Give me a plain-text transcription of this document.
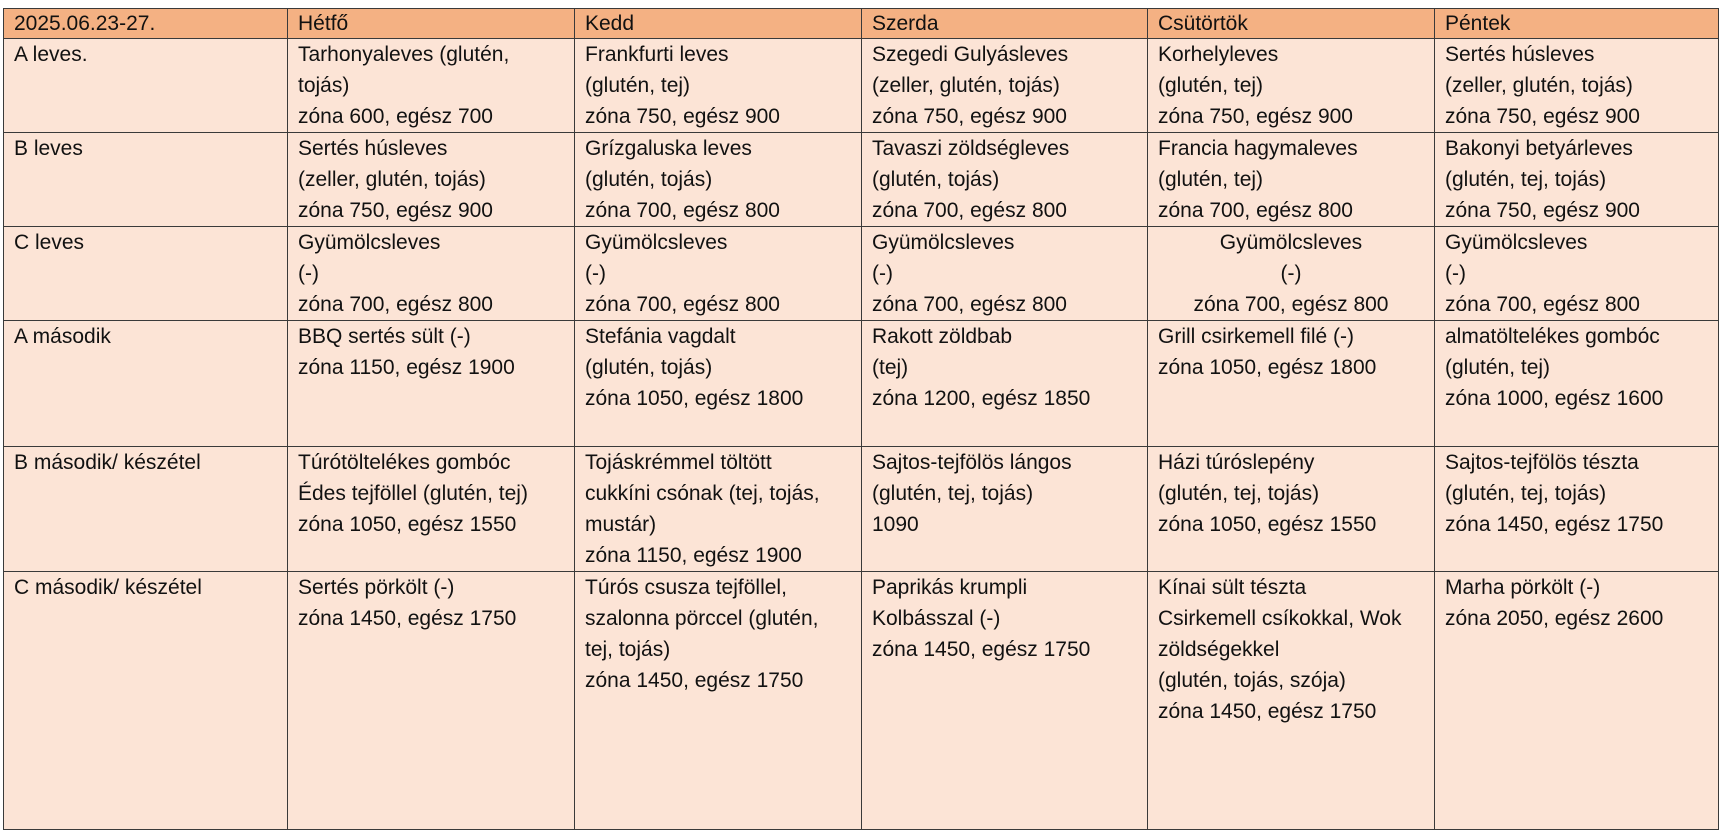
2025.06.23-27.	Hétfő	Kedd	Szerda	Csütörtök	Péntek
A leves.	Tarhonyaleves (glutén,
tojás)
zóna 600, egész 700	Frankfurti leves
(glutén, tej)
zóna 750, egész 900	Szegedi Gulyásleves
(zeller, glutén, tojás)
zóna 750, egész 900	Korhelyleves
(glutén, tej)
zóna 750, egész 900	Sertés húsleves
(zeller, glutén, tojás)
zóna 750, egész 900

B leves	Sertés húsleves
(zeller, glutén, tojás)
zóna 750, egész 900	Grízgaluska leves
(glutén, tojás)
zóna 700, egész 800	Tavaszi zöldségleves
(glutén, tojás)
zóna 700, egész 800	Francia hagymaleves
(glutén, tej)
zóna 700, egész 800	Bakonyi betyárleves
(glutén, tej, tojás)
zóna 750, egész 900

C leves	Gyümölcsleves
(-)
zóna 700, egész 800	Gyümölcsleves
(-)
zóna 700, egész 800	Gyümölcsleves
(-)
zóna 700, egész 800	Gyümölcsleves
(-)
zóna 700, egész 800	Gyümölcsleves
(-)
zóna 700, egész 800

A második	BBQ sertés sült (-)
zóna 1150, egész 1900	Stefánia vagdalt
(glutén, tojás)
zóna 1050, egész 1800	Rakott zöldbab
(tej)
zóna 1200, egész 1850	Grill csirkemell filé (-)
zóna 1050, egész 1800	almatöltelékes gombóc
(glutén, tej)
zóna 1000, egész 1600

B második/ készétel	Túrótöltelékes gombóc
Édes tejföllel (glutén, tej)
zóna 1050, egész 1550	Tojáskrémmel töltött
cukkíni csónak (tej, tojás,
mustár)
zóna 1150, egész 1900	Sajtos-tejfölös lángos
(glutén, tej, tojás)
1090	Házi túróslepény
(glutén, tej, tojás)
zóna 1050, egész 1550	Sajtos-tejfölös tészta
(glutén, tej, tojás)
zóna 1450, egész 1750

C második/ készétel	Sertés pörkölt (-)
zóna 1450, egész 1750	Túrós csusza tejföllel,
szalonna pörccel (glutén,
tej, tojás)
zóna 1450, egész 1750	Paprikás krumpli
Kolbásszal (-)
zóna 1450, egész 1750	Kínai sült tészta
Csirkemell csíkokkal, Wok
zöldségekkel
(glutén, tojás, szója)
zóna 1450, egész 1750	Marha pörkölt (-)
zóna 2050, egész 2600
